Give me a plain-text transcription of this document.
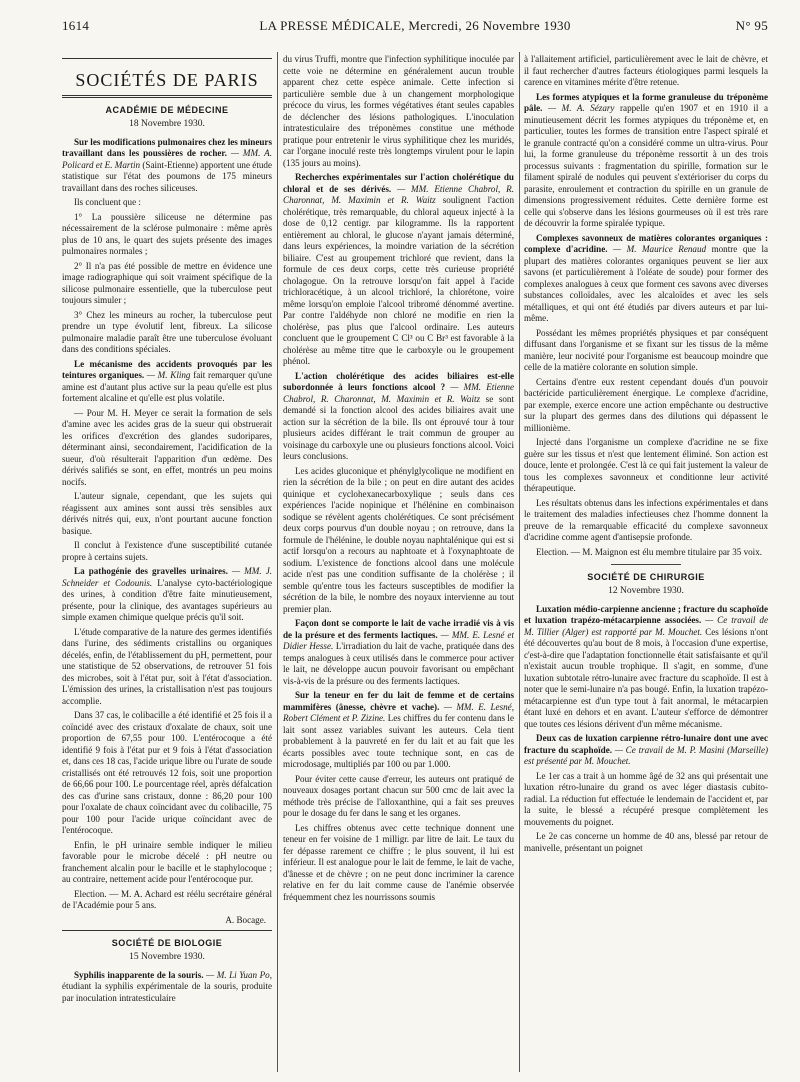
1614	LA PRESSE MÉDICALE, Mercredi, 26 Novembre 1930	N° 95
SOCIÉTÉS DE PARIS
ACADÉMIE DE MÉDECINE
18 Novembre 1930.

Sur les modifications pulmonaires chez les mineurs travaillant dans les poussières de rocher. — MM. A. Policard et E. Martin (Saint-Etienne) apportent une étude statistique sur l'état des poumons de 175 mineurs travaillant dans des roches siliceuses.

Ils concluent que :

1° La poussière siliceuse ne détermine pas nécessairement de la sclérose pulmonaire : même après plus de 10 ans, le quart des sujets présente des images pulmonaires normales ;

2° Il n'a pas été possible de mettre en évidence une image radiographique qui soit vraiment spécifique de la silicose pulmonaire essentielle, que la tuberculose peut toujours simuler ;

3° Chez les mineurs au rocher, la tuberculose peut prendre un type évolutif lent, fibreux. La silicose pulmonaire maladie paraît être une tuberculose évoluant dans des conditions spéciales.

Le mécanisme des accidents provoqués par les teintures organiques. — M. Kling fait remarquer qu'une amine est d'autant plus active sur la peau qu'elle est plus fortement alcaline et qu'elle est plus volatile.

— Pour M. H. Meyer ce serait la formation de sels d'amine avec les acides gras de la sueur qui obstruerait les orifices d'excrétion des glandes sudoripares, déterminant ainsi, secondairement, l'acidification de la sueur, d'où résulterait l'apparition d'un œdème. Des dérivés salifiés se sont, en effet, montrés un peu moins nocifs.

L'auteur signale, cependant, que les sujets qui réagissent aux amines sont aussi très sensibles aux dérivés nitrés qui, eux, n'ont pourtant aucune fonction basique.

Il conclut à l'existence d'une susceptibilité cutanée propre à certains sujets.

La pathogénie des gravelles urinaires. — MM. J. Schneider et Codounis. L'analyse cyto-bactériologique des urines, à condition d'être faite minutieusement, présente, pour la clinique, des avantages supérieurs au simple examen chimique quelque précis qu'il soit.

L'étude comparative de la nature des germes identifiés dans l'urine, des sédiments cristallins ou organiques décelés, enfin, de l'établissement du pH, permettent, pour une statistique de 52 observations, de retrouver 51 fois des microbes, soit à l'état pur, soit à l'état d'association. L'émission des urines, la cristallisation n'est pas toujours accomplie.

Dans 37 cas, le colibacille a été identifié et 25 fois il a coïncidé avec des cristaux d'oxalate de chaux, soit une proportion de 67,55 pour 100. L'entérocoque a été identifié 9 fois à l'état pur et 9 fois à l'état d'association et, dans ces 18 cas, l'acide urique libre ou l'urate de soude cristallisés ont été retrouvés 12 fois, soit une proportion de 66,66 pour 100. Le pourcentage réel, après défalcation des cas d'urine sans cristaux, donne : 86,20 pour 100 pour l'oxalate de chaux coïncidant avec du colibacille, 75 pour 100 pour l'acide urique coïncidant avec de l'entérocoque.

Enfin, le pH urinaire semble indiquer le milieu favorable pour le microbe décelé : pH neutre ou franchement alcalin pour le bacille et le staphylocoque ; au contraire, nettement acide pour l'entérocoque pur.

Election. — M. A. Achard est réélu secrétaire général de l'Académie pour 5 ans.

A. Bocage.
SOCIÉTÉ DE BIOLOGIE
15 Novembre 1930.

Syphilis inapparente de la souris. — M. Li Yuan Po, étudiant la syphilis expérimentale de la souris, produite par inoculation intratesticulaire

du virus Truffi, montre que l'infection syphilitique inoculée par cette voie ne détermine en généralement aucun trouble apparent chez cette espèce animale. Cette infection si particulière semble due à un changement morphologique précoce du virus, les formes végétatives étant seules capables de déclencher des lésions pathologiques. L'inoculation intratesticulaire des tréponèmes constitue une méthode pratique pour entretenir le virus syphilitique chez les muridés, car l'organe inoculé reste très longtemps virulent pour le lapin (135 jours au moins).

Recherches expérimentales sur l'action cholérétique du chloral et de ses dérivés. — MM. Etienne Chabrol, R. Charonnat, M. Maximin et R. Waitz soulignent l'action cholérétique, très remarquable, du chloral aqueux injecté à la dose de 0,12 centigr. par kilogramme. Ils la rapportent entièrement au chloral, le glucose n'ayant jamais déterminé, dans leurs expériences, la moindre variation de la sécrétion biliaire. C'est au groupement trichloré que revient, dans la formule de ces deux corps, cette très curieuse propriété cholagogue. On la retrouve lorsqu'on fait appel à l'acide trichloracétique, à un alcool trichloré, la chlorétone, voire même lorsqu'on emploie l'alcool tribromé dénommé avertine. Par contre l'aldéhyde non chloré ne modifie en rien la cholérèse, pas plus que l'alcool ordinaire. Les auteurs concluent que le groupement C Cl³ ou C Br³ est favorable à la cholérèse au même titre que le carboxyle ou le groupement phénol.

L'action cholérétique des acides biliaires est-elle subordonnée à leurs fonctions alcool ? — MM. Etienne Chabrol, R. Charonnat, M. Maximin et R. Waitz se sont demandé si la fonction alcool des acides biliaires avait une action sur la sécrétion de la bile. Ils ont éprouvé tour à tour plusieurs acides différant le trait commun de grouper au voisinage du carboxyle une ou plusieurs fonctions alcool. Voici leurs conclusions.

Les acides gluconique et phénylglycolique ne modifient en rien la sécrétion de la bile ; on peut en dire autant des acides quinique et cyclohexanecarboxylique ; seuls dans ces expériences l'acide nopinique et l'hélénine en combinaison sodique se révèlent agents cholérétiques. Ce sont précisément deux corps pourvus d'un double noyau ; on retrouve, dans la formule de l'hélénine, le double noyau naphtalénique qui est si actif lorsqu'on a recours au naphtoate et à l'oxynaphtoate de sodium. L'existence de fonctions alcool dans une molécule acide n'est pas une condition suffisante de la cholérèse ; il semble qu'entre tous les facteurs susceptibles de modifier la sécrétion de la bile, le nombre des noyaux intervienne au tout premier plan.

Façon dont se comporte le lait de vache irradié vis à vis de la présure et des ferments lactiques. — MM. E. Lesné et Didier Hesse. L'irradiation du lait de vache, pratiquée dans des temps analogues à ceux utilisés dans le commerce pour activer le lait, ne développe aucun pouvoir favorisant ou empêchant vis-à-vis de la présure ou des ferments lactiques.

Sur la teneur en fer du lait de femme et de certains mammifères (ânesse, chèvre et vache). — MM. E. Lesné, Robert Clément et P. Zizine. Les chiffres du fer contenu dans le lait sont assez variables suivant les auteurs. Cela tient probablement à la pauvreté en fer du lait et au fait que les écarts possibles avec toute technique sont, en cas de microdosage, multipliés par 100 ou par 1.000.

Pour éviter cette cause d'erreur, les auteurs ont pratiqué de nouveaux dosages portant chacun sur 500 cmc de lait avec la méthode très précise de l'alloxanthine, qui a fait ses preuves pour le dosage du fer dans le sang et les organes.

Les chiffres obtenus avec cette technique donnent une teneur en fer voisine de 1 milligr. par litre de lait. Le taux du fer dépasse rarement ce chiffre ; le plus souvent, il lui est inférieur. Il est analogue pour le lait de femme, le lait de vache, d'ânesse et de chèvre ; on ne peut donc incriminer la carence relative en fer du lait comme cause de l'anémie observée fréquemment chez les nourrissons soumis

à l'allaitement artificiel, particulièrement avec le lait de chèvre, et il faut rechercher d'autres facteurs étiologiques parmi lesquels la carence en vitamines mérite d'être retenue.

Les formes atypiques et la forme granuleuse du tréponème pâle. — M. A. Sézary rappelle qu'en 1907 et en 1910 il a minutieusement décrit les formes atypiques du tréponème et, en particulier, toutes les formes de transition entre l'aspect spiralé et le granule contracté qu'on a considéré comme un ultra-virus. Pour lui, la forme granuleuse du tréponème ressortit à un des trois processus suivants : fragmentation du spirille, formation sur le filament spiralé de nodules qui peuvent s'extérioriser du corps du parasite, enroulement et contraction du spirille en un granule de dimensions progressivement réduites. Cette dernière forme est celle qui s'observe dans les lésions gourmeuses où il est très rare de découvrir la forme spiralée typique.

Complexes savonneux de matières colorantes organiques : complexe d'acridine. — M. Maurice Renaud montre que la plupart des matières colorantes organiques peuvent se lier aux savons (et particulièrement à l'oléate de soude) pour former des complexes analogues à ceux que forment ces savons avec diverses substances colloïdales, avec les alcaloïdes et avec les sels métalliques, et qui ont été étudiés par divers auteurs et par lui-même.

Possédant les mêmes propriétés physiques et par conséquent diffusant dans l'organisme et se fixant sur les tissus de la même manière, leur nocivité pour l'organisme est beaucoup moindre que celle de la matière colorante en solution simple.

Certains d'entre eux restent cependant doués d'un pouvoir bactéricide particulièrement énergique. Le complexe d'acridine, par exemple, exerce encore une action empêchante ou destructive sur la plupart des germes dans des dilutions qui dépassent le millionième.

Injecté dans l'organisme un complexe d'acridine ne se fixe guère sur les tissus et n'est que lentement éliminé. Son action est douce, lente et prolongée. C'est là ce qui fait justement la valeur de tous les complexes savonneux et conditionne leur activité thérapeutique.

Les résultats obtenus dans les infections expérimentales et dans le traitement des maladies infectieuses chez l'homme donnent la preuve de la remarquable efficacité du complexe savonneux d'acridine comme agent d'antisepsie profonde.

Election. — M. Maignon est élu membre titulaire par 35 voix.

SOCIÉTÉ DE CHIRURGIE
12 Novembre 1930.

Luxation médio-carpienne ancienne ; fracture du scaphoïde et luxation trapézo-métacarpienne associées. — Ce travail de M. Tillier (Alger) est rapporté par M. Mouchet. Ces lésions n'ont été découvertes qu'au bout de 8 mois, à l'occasion d'une expertise, c'est-à-dire que l'adaptation fonctionnelle était satisfaisante et qu'il n'existait aucun trouble trophique. Il s'agit, en somme, d'une luxation subtotale rétro-lunaire avec fracture du scaphoïde. Il est à noter que le semi-lunaire n'a pas bougé. Enfin, la luxation trapézo-métacarpienne est d'un type tout à fait anormal, le métacarpien étant luxé en dehors et en avant. L'auteur s'efforce de démontrer que toutes ces lésions dérivent d'un même mécanisme.

Deux cas de luxation carpienne rétro-lunaire dont une avec fracture du scaphoïde. — Ce travail de M. P. Masini (Marseille) est présenté par M. Mouchet.

Le 1er cas a trait à un homme âgé de 32 ans qui présentait une luxation rétro-lunaire du grand os avec léger diastasis cubito-radial. La réduction fut effectuée le lendemain de l'accident et, par la suite, le blessé a récupéré presque complètement les mouvements du poignet.

Le 2e cas concerne un homme de 40 ans, blessé par retour de manivelle, présentant un poignet
